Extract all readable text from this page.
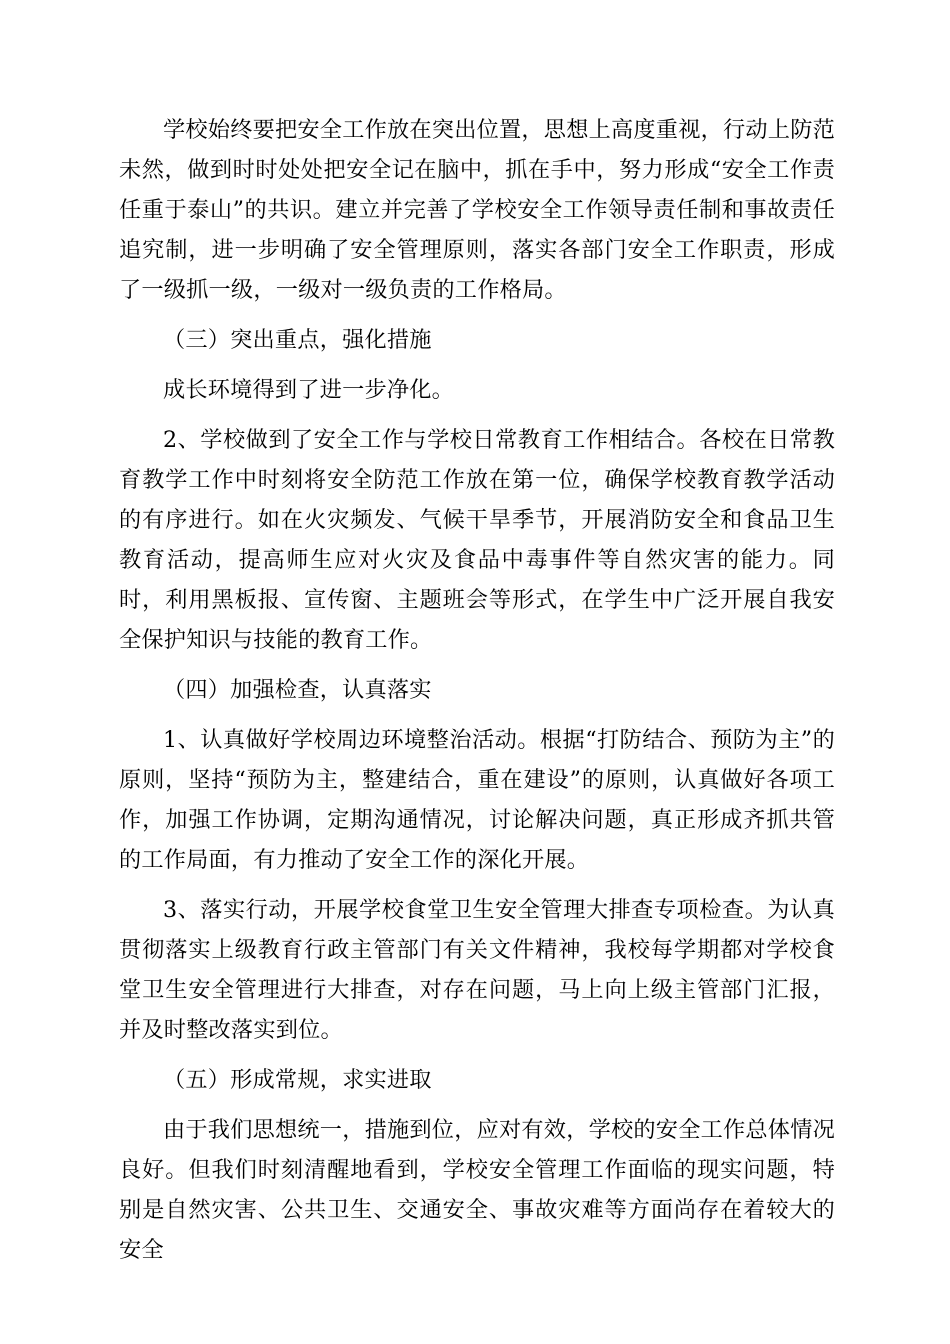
学校始终要把安全工作放在突出位置，思想上高度重视，行动上防范未然，做到时时处处把安全记在脑中，抓在手中，努力形成“安全工作责任重于泰山”的共识。建立并完善了学校安全工作领导责任制和事故责任追究制，进一步明确了安全管理原则，落实各部门安全工作职责，形成了一级抓一级，一级对一级负责的工作格局。

（三）突出重点，强化措施

成长环境得到了进一步净化。

2、学校做到了安全工作与学校日常教育工作相结合。各校在日常教育教学工作中时刻将安全防范工作放在第一位，确保学校教育教学活动的有序进行。如在火灾频发、气候干旱季节，开展消防安全和食品卫生教育活动，提高师生应对火灾及食品中毒事件等自然灾害的能力。同时，利用黑板报、宣传窗、主题班会等形式，在学生中广泛开展自我安全保护知识与技能的教育工作。

（四）加强检查，认真落实

1、认真做好学校周边环境整治活动。根据“打防结合、预防为主”的原则，坚持“预防为主，整建结合，重在建设”的原则，认真做好各项工作，加强工作协调，定期沟通情况，讨论解决问题，真正形成齐抓共管的工作局面，有力推动了安全工作的深化开展。

3、落实行动，开展学校食堂卫生安全管理大排查专项检查。为认真贯彻落实上级教育行政主管部门有关文件精神，我校每学期都对学校食堂卫生安全管理进行大排查，对存在问题，马上向上级主管部门汇报，并及时整改落实到位。

（五）形成常规，求实进取

由于我们思想统一，措施到位，应对有效，学校的安全工作总体情况良好。但我们时刻清醒地看到，学校安全管理工作面临的现实问题，特别是自然灾害、公共卫生、交通安全、事故灾难等方面尚存在着较大的安全
